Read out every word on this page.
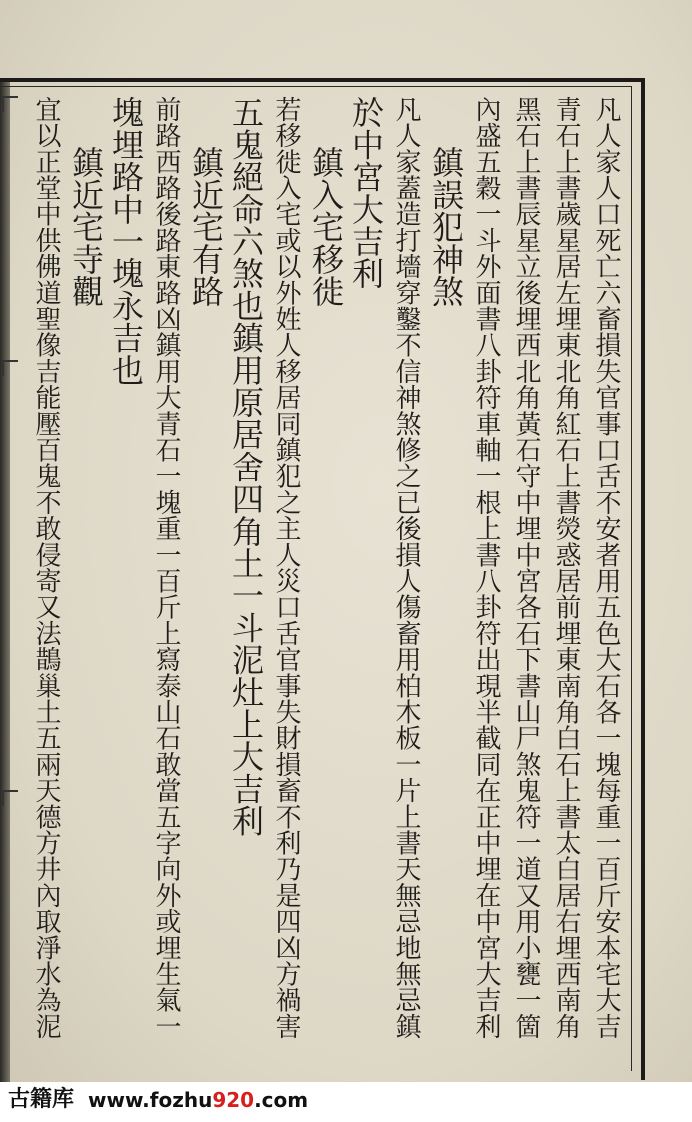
凡人家人口死亡六畜損失官事口舌不安者用五色大石各一塊每重一百斤安本宅大吉
青石上書歲星居左埋東北角紅石上書熒惑居前埋東南角白石上書太白居右埋西南角
黑石上書辰星立後埋西北角黃石守中埋中宮各石下書山尸煞鬼符一道又用小甕一箇
內盛五穀一斗外面書八卦符車軸一根上書八卦符出現半截同在正中埋在中宮大吉利
鎮誤犯神煞
凡人家蓋造打墻穿鑿不信神煞修之已後損人傷畜用柏木板一片上書天無忌地無忌鎮
於中宮大吉利
鎮入宅移徙
若移徙入宅或以外姓人移居同鎮犯之主人災口舌官事失財損畜不利乃是四凶方禍害
五鬼絕命六煞也鎮用原居舍四角土一斗泥灶上大吉利
鎮近宅有路
前路西路後路東路凶鎮用大青石一塊重一百斤上寫泰山石敢當五字向外或埋生氣一
塊埋路中一塊永吉也
鎮近宅寺觀
宜以正堂中供佛道聖像吉能壓百鬼不敢侵寄又法鵲巢土五兩天德方井內取淨水為泥
古籍库 www.fozhu920.com
